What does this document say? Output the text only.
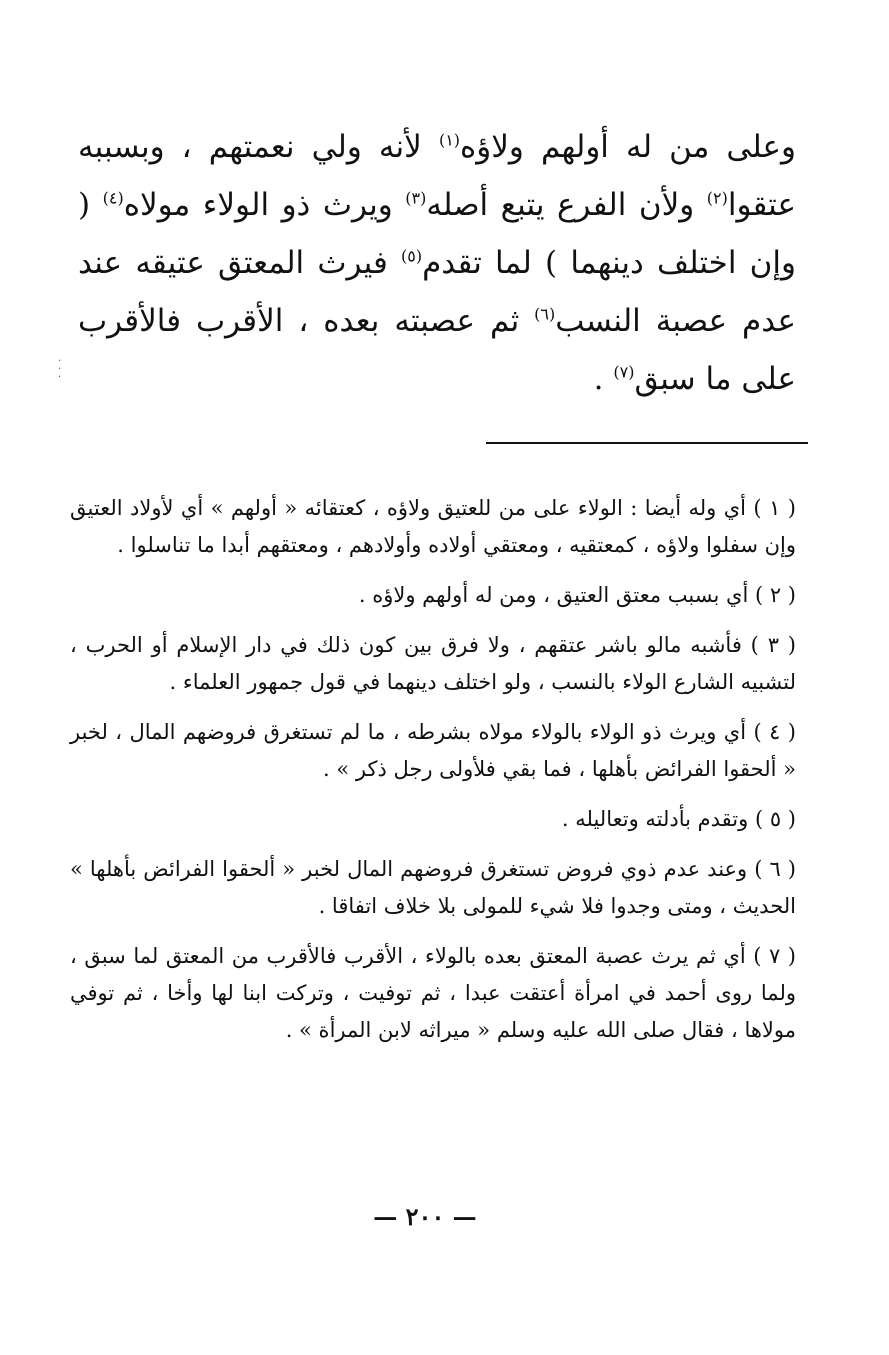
وعلى من له أولهم ولاؤه$^{(١)}$ لأنه ولي نعمتهم ، وبسببه عتقوا$^{(٢)}$ ولأن الفرع يتبع أصله$^{(٣)}$ ويرث ذو الولاء مولاه$^{(٤)}$ ( وإن اختلف دينهما ) لما تقدم$^{(٥)}$ فيرث المعتق عتيقه عند عدم عصبة النسب$^{(٦)}$ ثم عصبته بعده ، الأقرب فالأقرب على ما سبق$^{(٧)}$ .

·
·
·

( ١ ) أي وله أيضا : الولاء على من للعتيق ولاؤه ، كعتقائه « أولهم » أي لأولاد العتيق وإن سفلوا ولاؤه ، كمعتقيه ، ومعتقي أولاده وأولادهم ، ومعتقهم أبدا ما تناسلوا .

( ٢ ) أي بسبب معتق العتيق ، ومن له أولهم ولاؤه .

( ٣ ) فأشبه مالو باشر عتقهم ، ولا فرق بين كون ذلك في دار الإسلام أو الحرب ، لتشبيه الشارع الولاء بالنسب ، ولو اختلف دينهما في قول جمهور العلماء .

( ٤ ) أي ويرث ذو الولاء بالولاء مولاه بشرطه ، ما لم تستغرق فروضهم المال ، لخبر « ألحقوا الفرائض بأهلها ، فما بقي فلأولى رجل ذكر » .

( ٥ ) وتقدم بأدلته وتعاليله .

( ٦ ) وعند عدم ذوي فروض تستغرق فروضهم المال لخبر « ألحقوا الفرائض بأهلها » الحديث ، ومتى وجدوا فلا شيء للمولى بلا خلاف اتفاقا .

( ٧ ) أي ثم يرث عصبة المعتق بعده بالولاء ، الأقرب فالأقرب من المعتق لما سبق ، ولما روى أحمد في امرأة أعتقت عبدا ، ثم توفيت ، وتركت ابنا لها وأخا ، ثم توفي مولاها ، فقال صلى الله عليه وسلم « ميراثه لابن المرأة » .

— ٢٠٠ —
